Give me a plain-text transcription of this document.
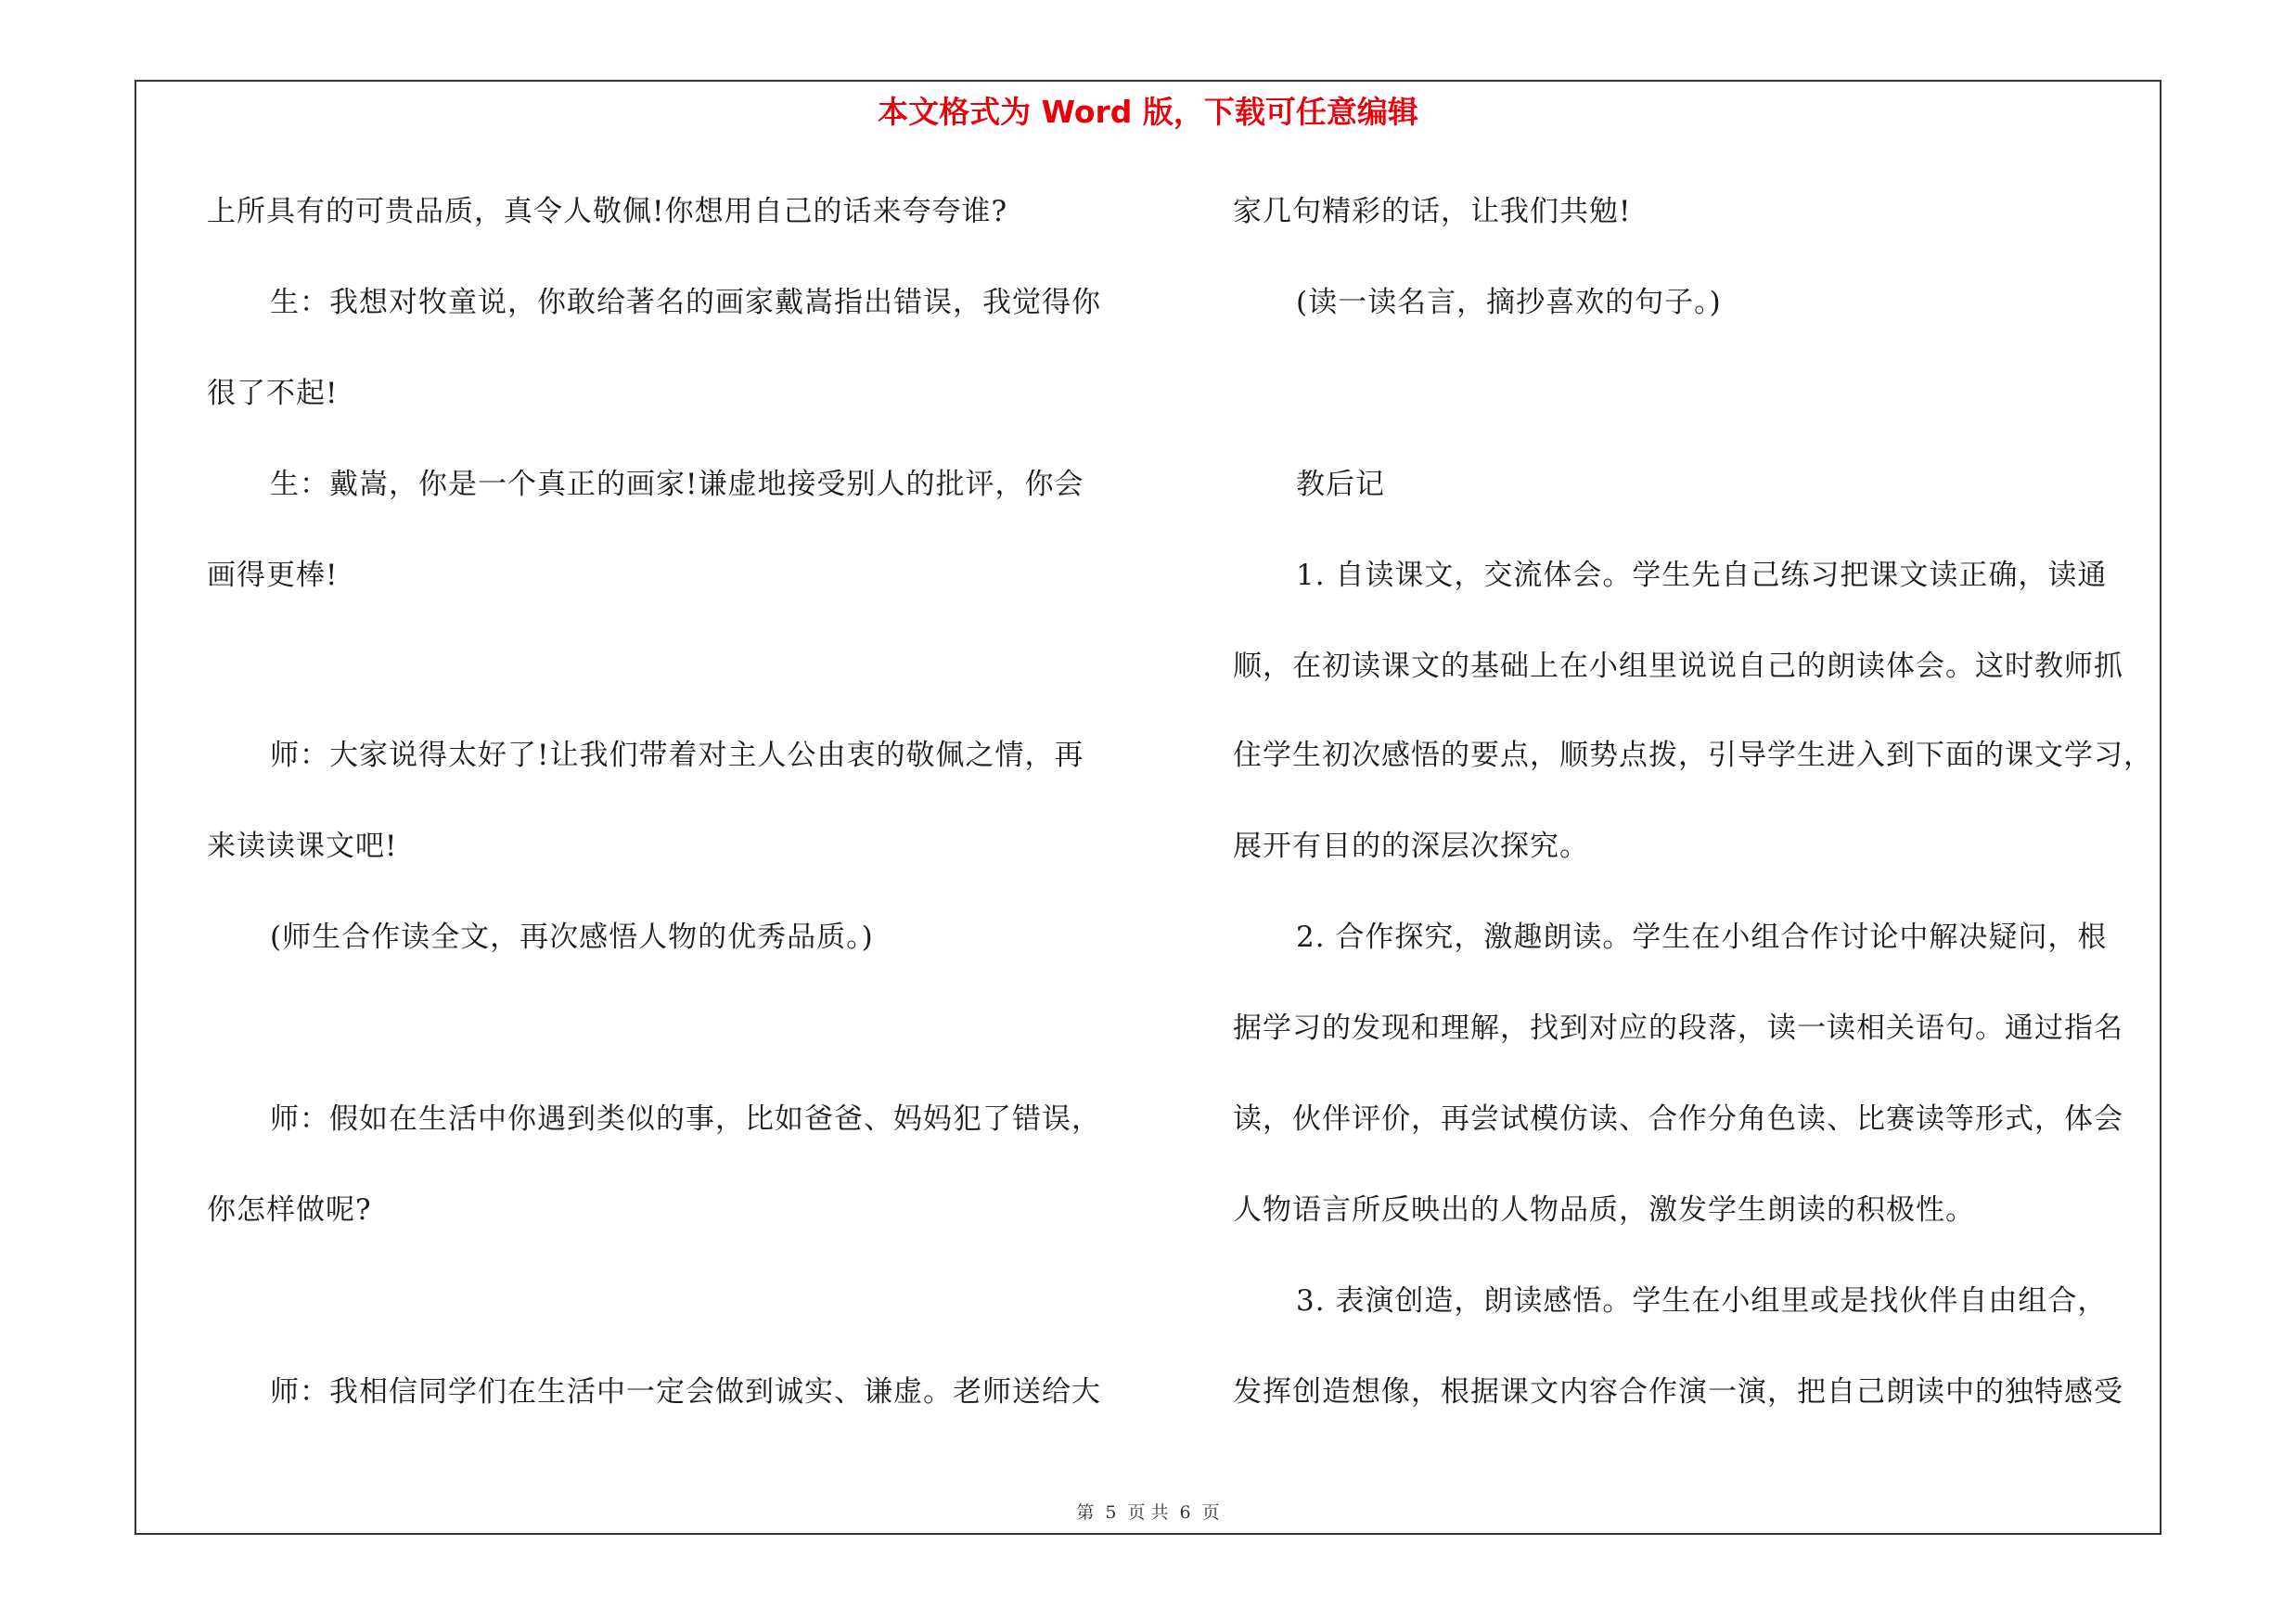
本文格式为 Word 版，下载可任意编辑
上所具有的可贵品质，真令人敬佩!你想用自己的话来夸夸谁?
生：我想对牧童说，你敢给著名的画家戴嵩指出错误，我觉得你
很了不起!
生：戴嵩，你是一个真正的画家!谦虚地接受别人的批评，你会
画得更棒!
师：大家说得太好了!让我们带着对主人公由衷的敬佩之情，再
来读读课文吧!
(师生合作读全文，再次感悟人物的优秀品质。)
师：假如在生活中你遇到类似的事，比如爸爸、妈妈犯了错误，
你怎样做呢?
师：我相信同学们在生活中一定会做到诚实、谦虚。老师送给大
家几句精彩的话，让我们共勉!
(读一读名言，摘抄喜欢的句子。)
教后记
1. 自读课文，交流体会。学生先自己练习把课文读正确，读通
顺，在初读课文的基础上在小组里说说自己的朗读体会。这时教师抓
住学生初次感悟的要点，顺势点拨，引导学生进入到下面的课文学习，
展开有目的的深层次探究。
2. 合作探究，激趣朗读。学生在小组合作讨论中解决疑问，根
据学习的发现和理解，找到对应的段落，读一读相关语句。通过指名
读，伙伴评价，再尝试模仿读、合作分角色读、比赛读等形式，体会
人物语言所反映出的人物品质，激发学生朗读的积极性。
3. 表演创造，朗读感悟。学生在小组里或是找伙伴自由组合，
发挥创造想像，根据课文内容合作演一演，把自己朗读中的独特感受
第 5 页 共 6 页
